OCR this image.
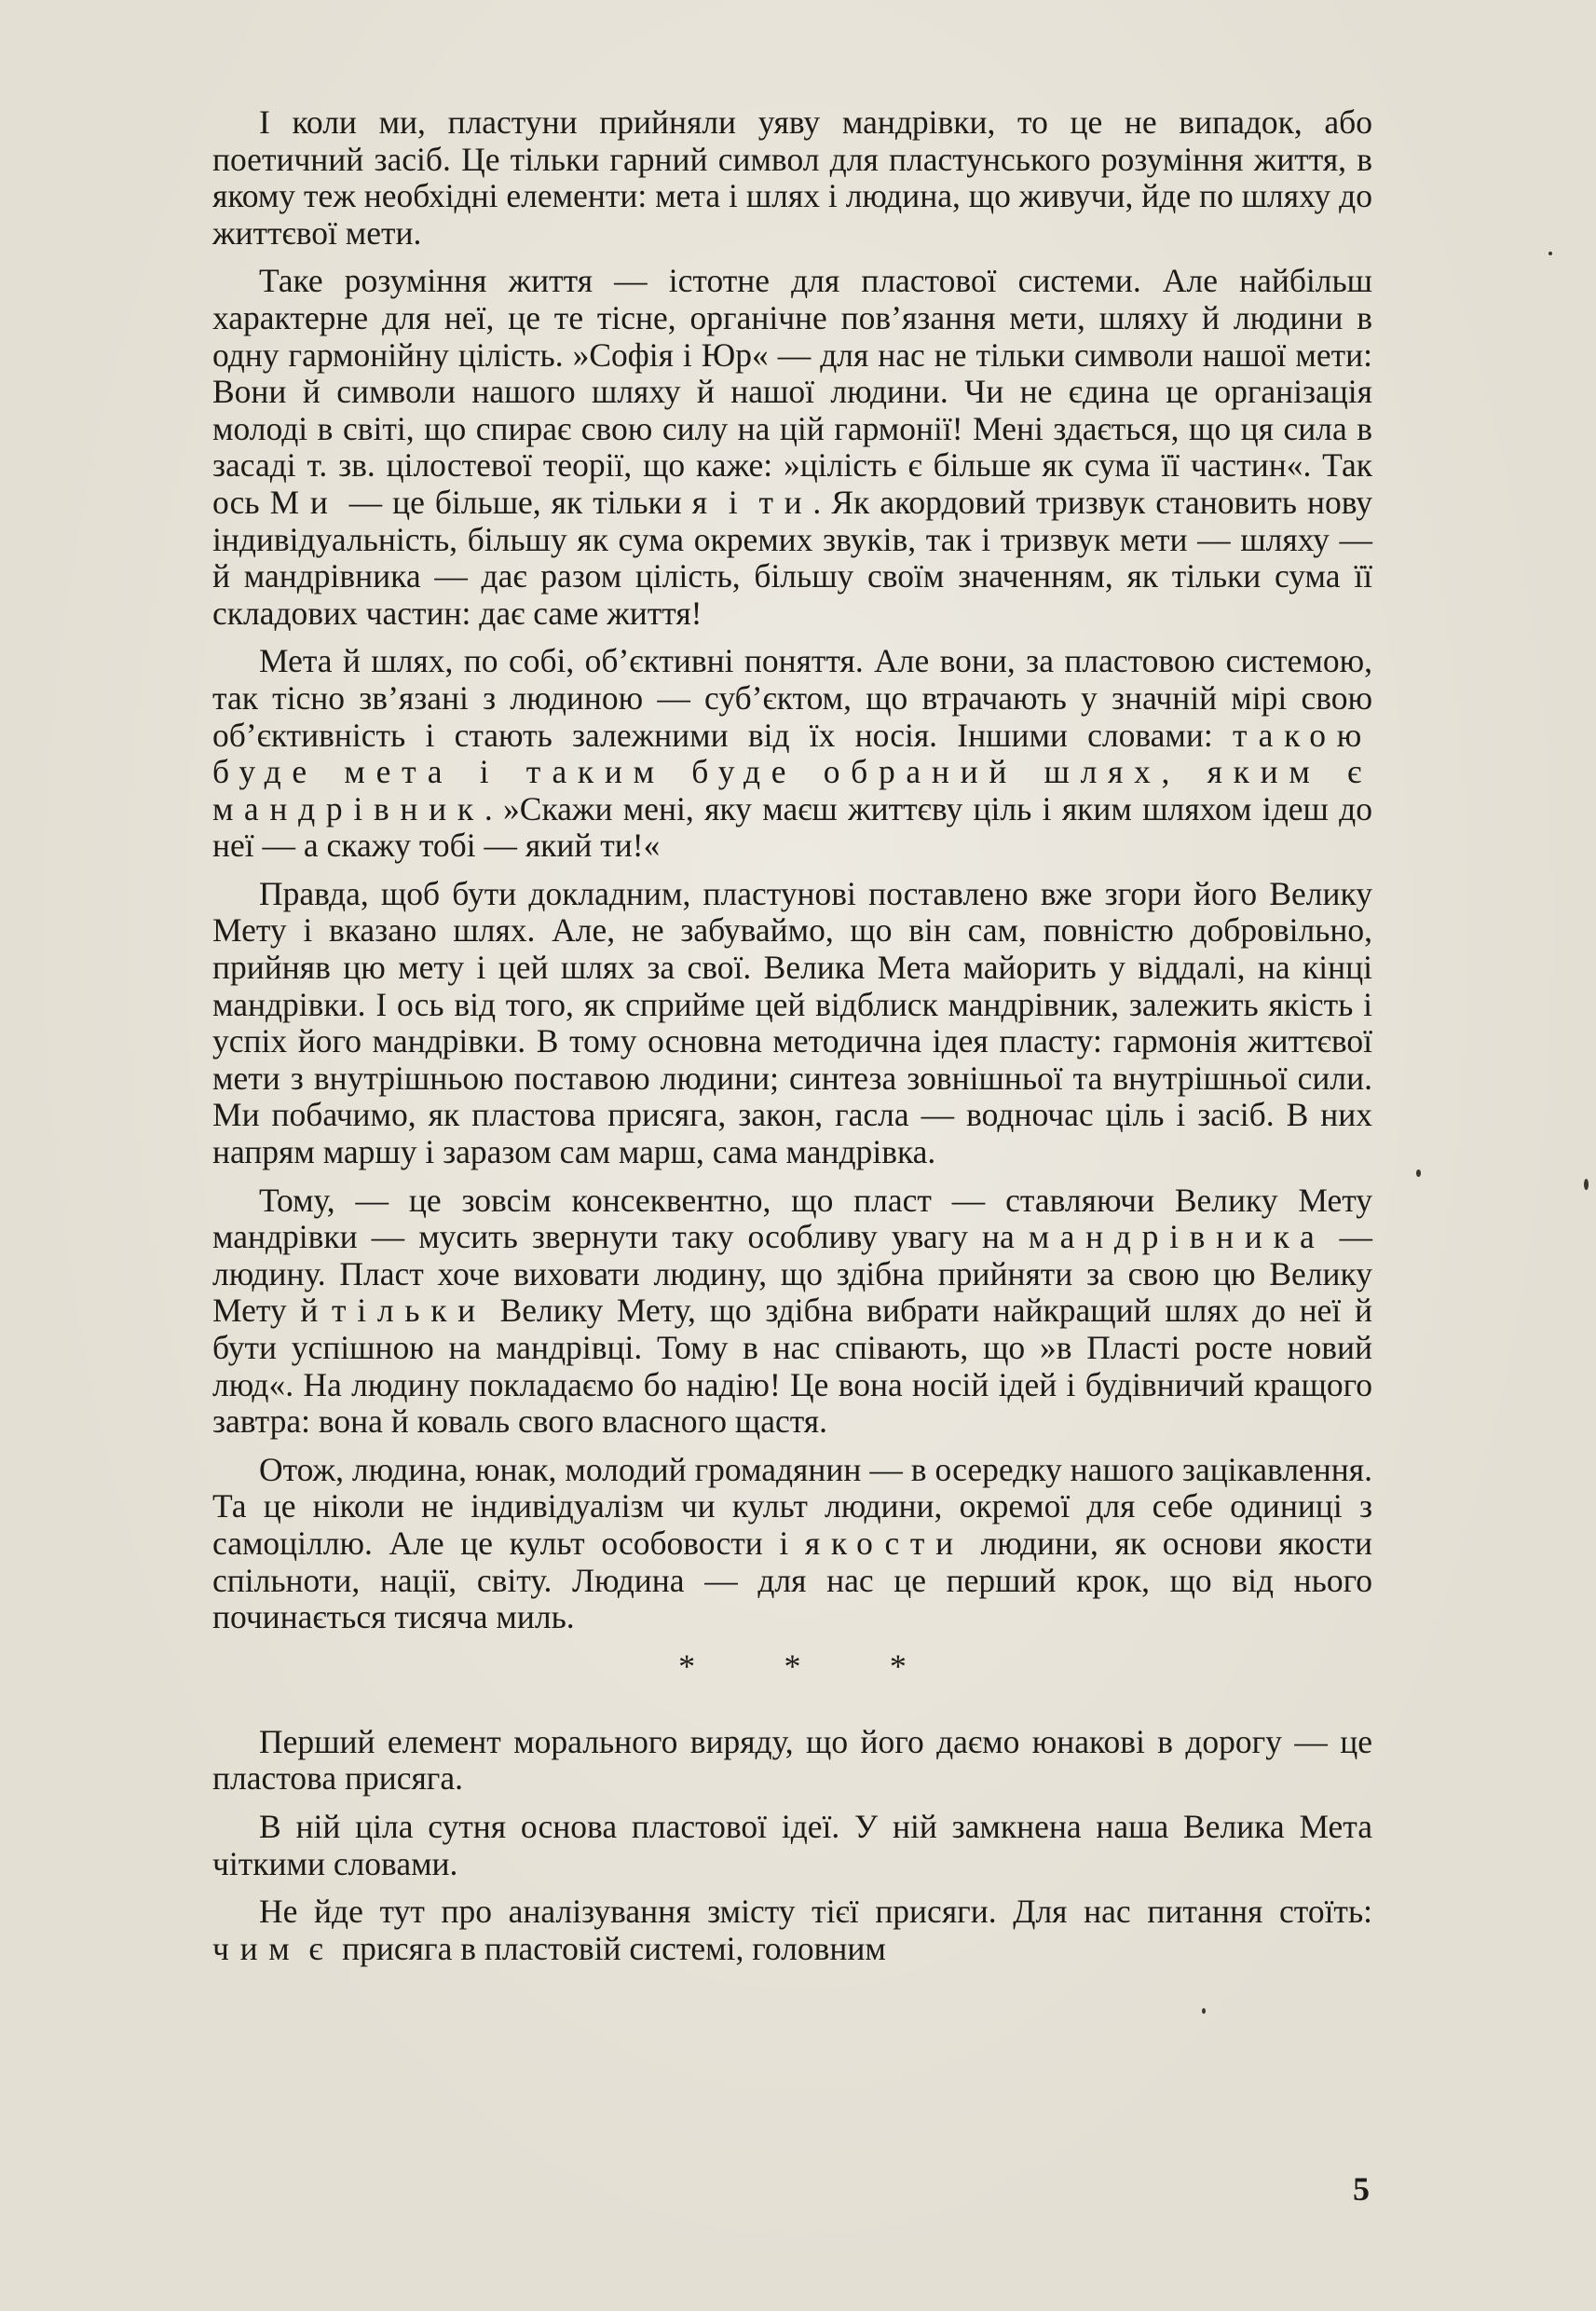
І коли ми, пластуни прийняли уяву мандрівки, то це не випадок, або поетичний засіб. Це тільки гарний символ для пластунського розуміння життя, в якому теж необхідні елементи: мета і шлях і людина, що живучи, йде по шляху до життєвої мети.

Таке розуміння життя — істотне для пластової системи. Але найбільш характерне для неї, це те тісне, органічне пов’язання мети, шляху й людини в одну гармонійну цілість. »Софія і Юр« — для нас не тільки символи нашої мети: Вони й символи нашого шляху й нашої людини. Чи не єдина це організація молоді в світі, що спирає свою силу на цій гармонії! Мені здається, що ця сила в засаді т. зв. цілостевої теорії, що каже: »цілість є більше як сума її частин«. Так ось Ми — це більше, як тільки я і ти. Як акордовий тризвук становить нову індивідуальність, більшу як сума окремих звуків, так і тризвук мети — шляху — й мандрівника — дає разом цілість, більшу своїм значенням, як тільки сума її складових частин: дає саме життя!

Мета й шлях, по собі, об’єктивні поняття. Але вони, за пластовою системою, так тісно зв’язані з людиною — суб’єктом, що втрачають у значній мірі свою об’єктивність і стають залежними від їх носія. Іншими словами: такою буде мета і таким буде обраний шлях, яким є мандрівник. »Скажи мені, яку маєш життєву ціль і яким шляхом ідеш до неї — а скажу тобі — який ти!«

Правда, щоб бути докладним, пластунові поставлено вже згори його Велику Мету і вказано шлях. Але, не забуваймо, що він сам, повністю добровільно, прийняв цю мету і цей шлях за свої. Велика Мета майорить у віддалі, на кінці мандрівки. І ось від того, як сприйме цей відблиск мандрівник, залежить якість і успіх його мандрівки. В тому основна методична ідея пласту: гармонія життєвої мети з внутрішньою поставою людини; синтеза зовнішньої та внутрішньої сили. Ми побачимо, як пластова присяга, закон, гасла — водночас ціль і засіб. В них напрям маршу і заразом сам марш, сама мандрівка.

Тому, — це зовсім консеквентно, що пласт — ставляючи Велику Мету мандрівки — мусить звернути таку особливу увагу на мандрівника — людину. Пласт хоче виховати людину, що здібна прийняти за свою цю Велику Мету й тільки Велику Мету, що здібна вибрати найкращий шлях до неї й бути успішною на мандрівці. Тому в нас співають, що »в Пласті росте новий люд«. На людину покладаємо бо надію! Це вона носій ідей і будівничий кращого завтра: вона й коваль свого власного щастя.

Отож, людина, юнак, молодий громадянин — в осередку нашого зацікавлення. Та це ніколи не індивідуалізм чи культ людини, окремої для себе одиниці з самоціллю. Але це культ особовости і якости людини, як основи якости спільноти, нації, світу. Людина — для нас це перший крок, що від нього починається тисяча миль.

* * *

Перший елемент морального виряду, що його даємо юнакові в дорогу — це пластова присяга.

В ній ціла сутня основа пластової ідеї. У ній замкнена наша Велика Мета чіткими словами.

Не йде тут про аналізування змісту тієї присяги. Для нас питання стоїть: чим є присяга в пластовій системі, головним

5
